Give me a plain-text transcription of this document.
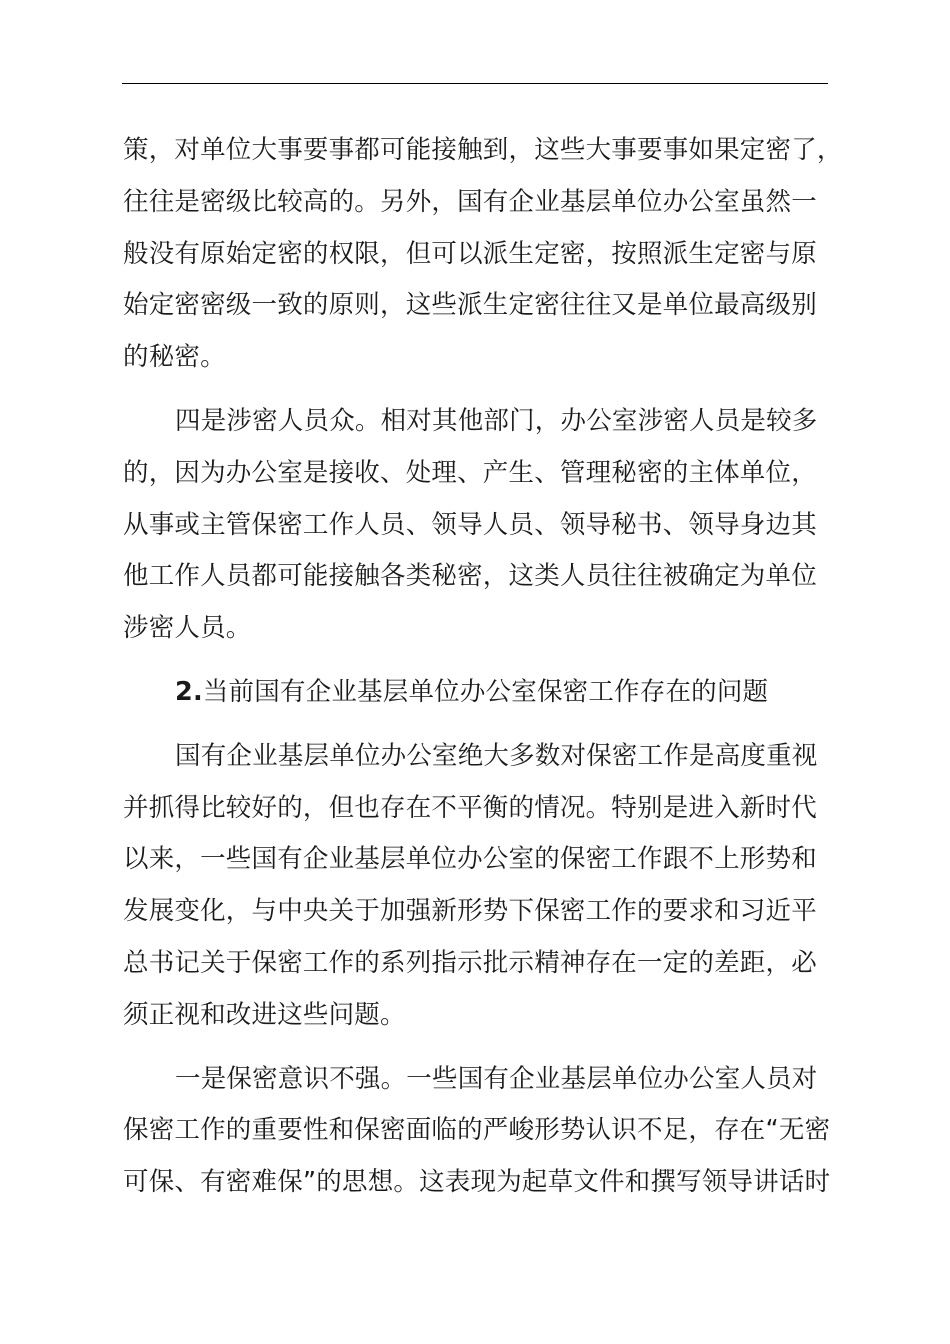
策，对单位大事要事都可能接触到，这些大事要事如果定密了，
往往是密级比较高的。另外，国有企业基层单位办公室虽然一
般没有原始定密的权限，但可以派生定密，按照派生定密与原
始定密密级一致的原则，这些派生定密往往又是单位最高级别
的秘密。

四是涉密人员众。相对其他部门，办公室涉密人员是较多
的，因为办公室是接收、处理、产生、管理秘密的主体单位，
从事或主管保密工作人员、领导人员、领导秘书、领导身边其
他工作人员都可能接触各类秘密，这类人员往往被确定为单位
涉密人员。

2.当前国有企业基层单位办公室保密工作存在的问题

国有企业基层单位办公室绝大多数对保密工作是高度重视
并抓得比较好的，但也存在不平衡的情况。特别是进入新时代
以来，一些国有企业基层单位办公室的保密工作跟不上形势和
发展变化，与中央关于加强新形势下保密工作的要求和习近平
总书记关于保密工作的系列指示批示精神存在一定的差距，必
须正视和改进这些问题。

一是保密意识不强。一些国有企业基层单位办公室人员对
保密工作的重要性和保密面临的严峻形势认识不足，存在“无密
可保、有密难保”的思想。这表现为起草文件和撰写领导讲话时
